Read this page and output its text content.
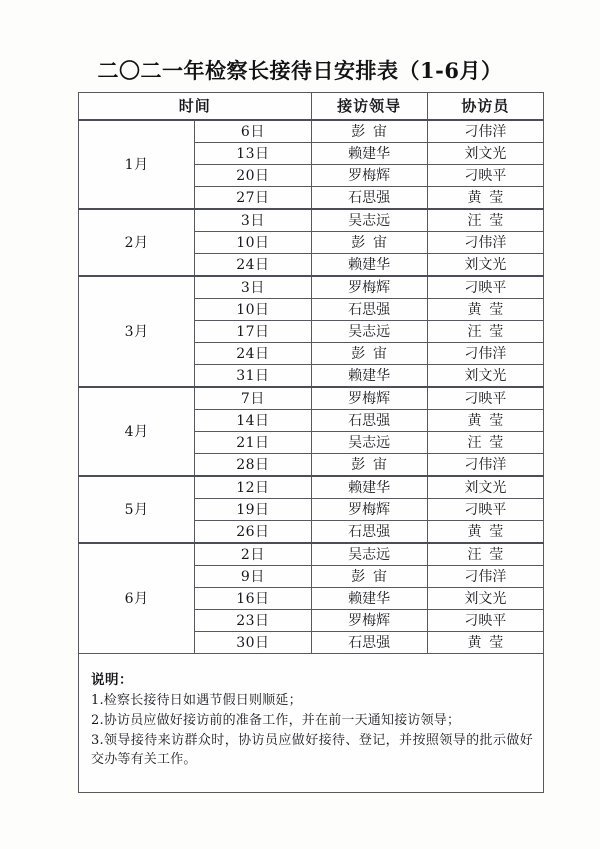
二〇二一年检察长接待日安排表（1-6月）
时间		接访领导	协访员
1月	6日	彭宙	刁伟洋
	13日	赖建华	刘文光
	20日	罗梅辉	刁映平
	27日	石思强	黄莹
2月	3日	吴志远	汪莹
	10日	彭宙	刁伟洋
	24日	赖建华	刘文光
3月	3日	罗梅辉	刁映平
	10日	石思强	黄莹
	17日	吴志远	汪莹
	24日	彭宙	刁伟洋
	31日	赖建华	刘文光
4月	7日	罗梅辉	刁映平
	14日	石思强	黄莹
	21日	吴志远	汪莹
	28日	彭宙	刁伟洋
5月	12日	赖建华	刘文光
	19日	罗梅辉	刁映平
	26日	石思强	黄莹
6月	2日	吴志远	汪莹
	9日	彭宙	刁伟洋
	16日	赖建华	刘文光
	23日	罗梅辉	刁映平
	30日	石思强	黄莹
说明：
1.检察长接待日如遇节假日则顺延；
2.协访员应做好接访前的准备工作，并在前一天通知接访领导；
3.领导接待来访群众时，协访员应做好接待、登记，并按照领导的批示做好交办等有关工作。
